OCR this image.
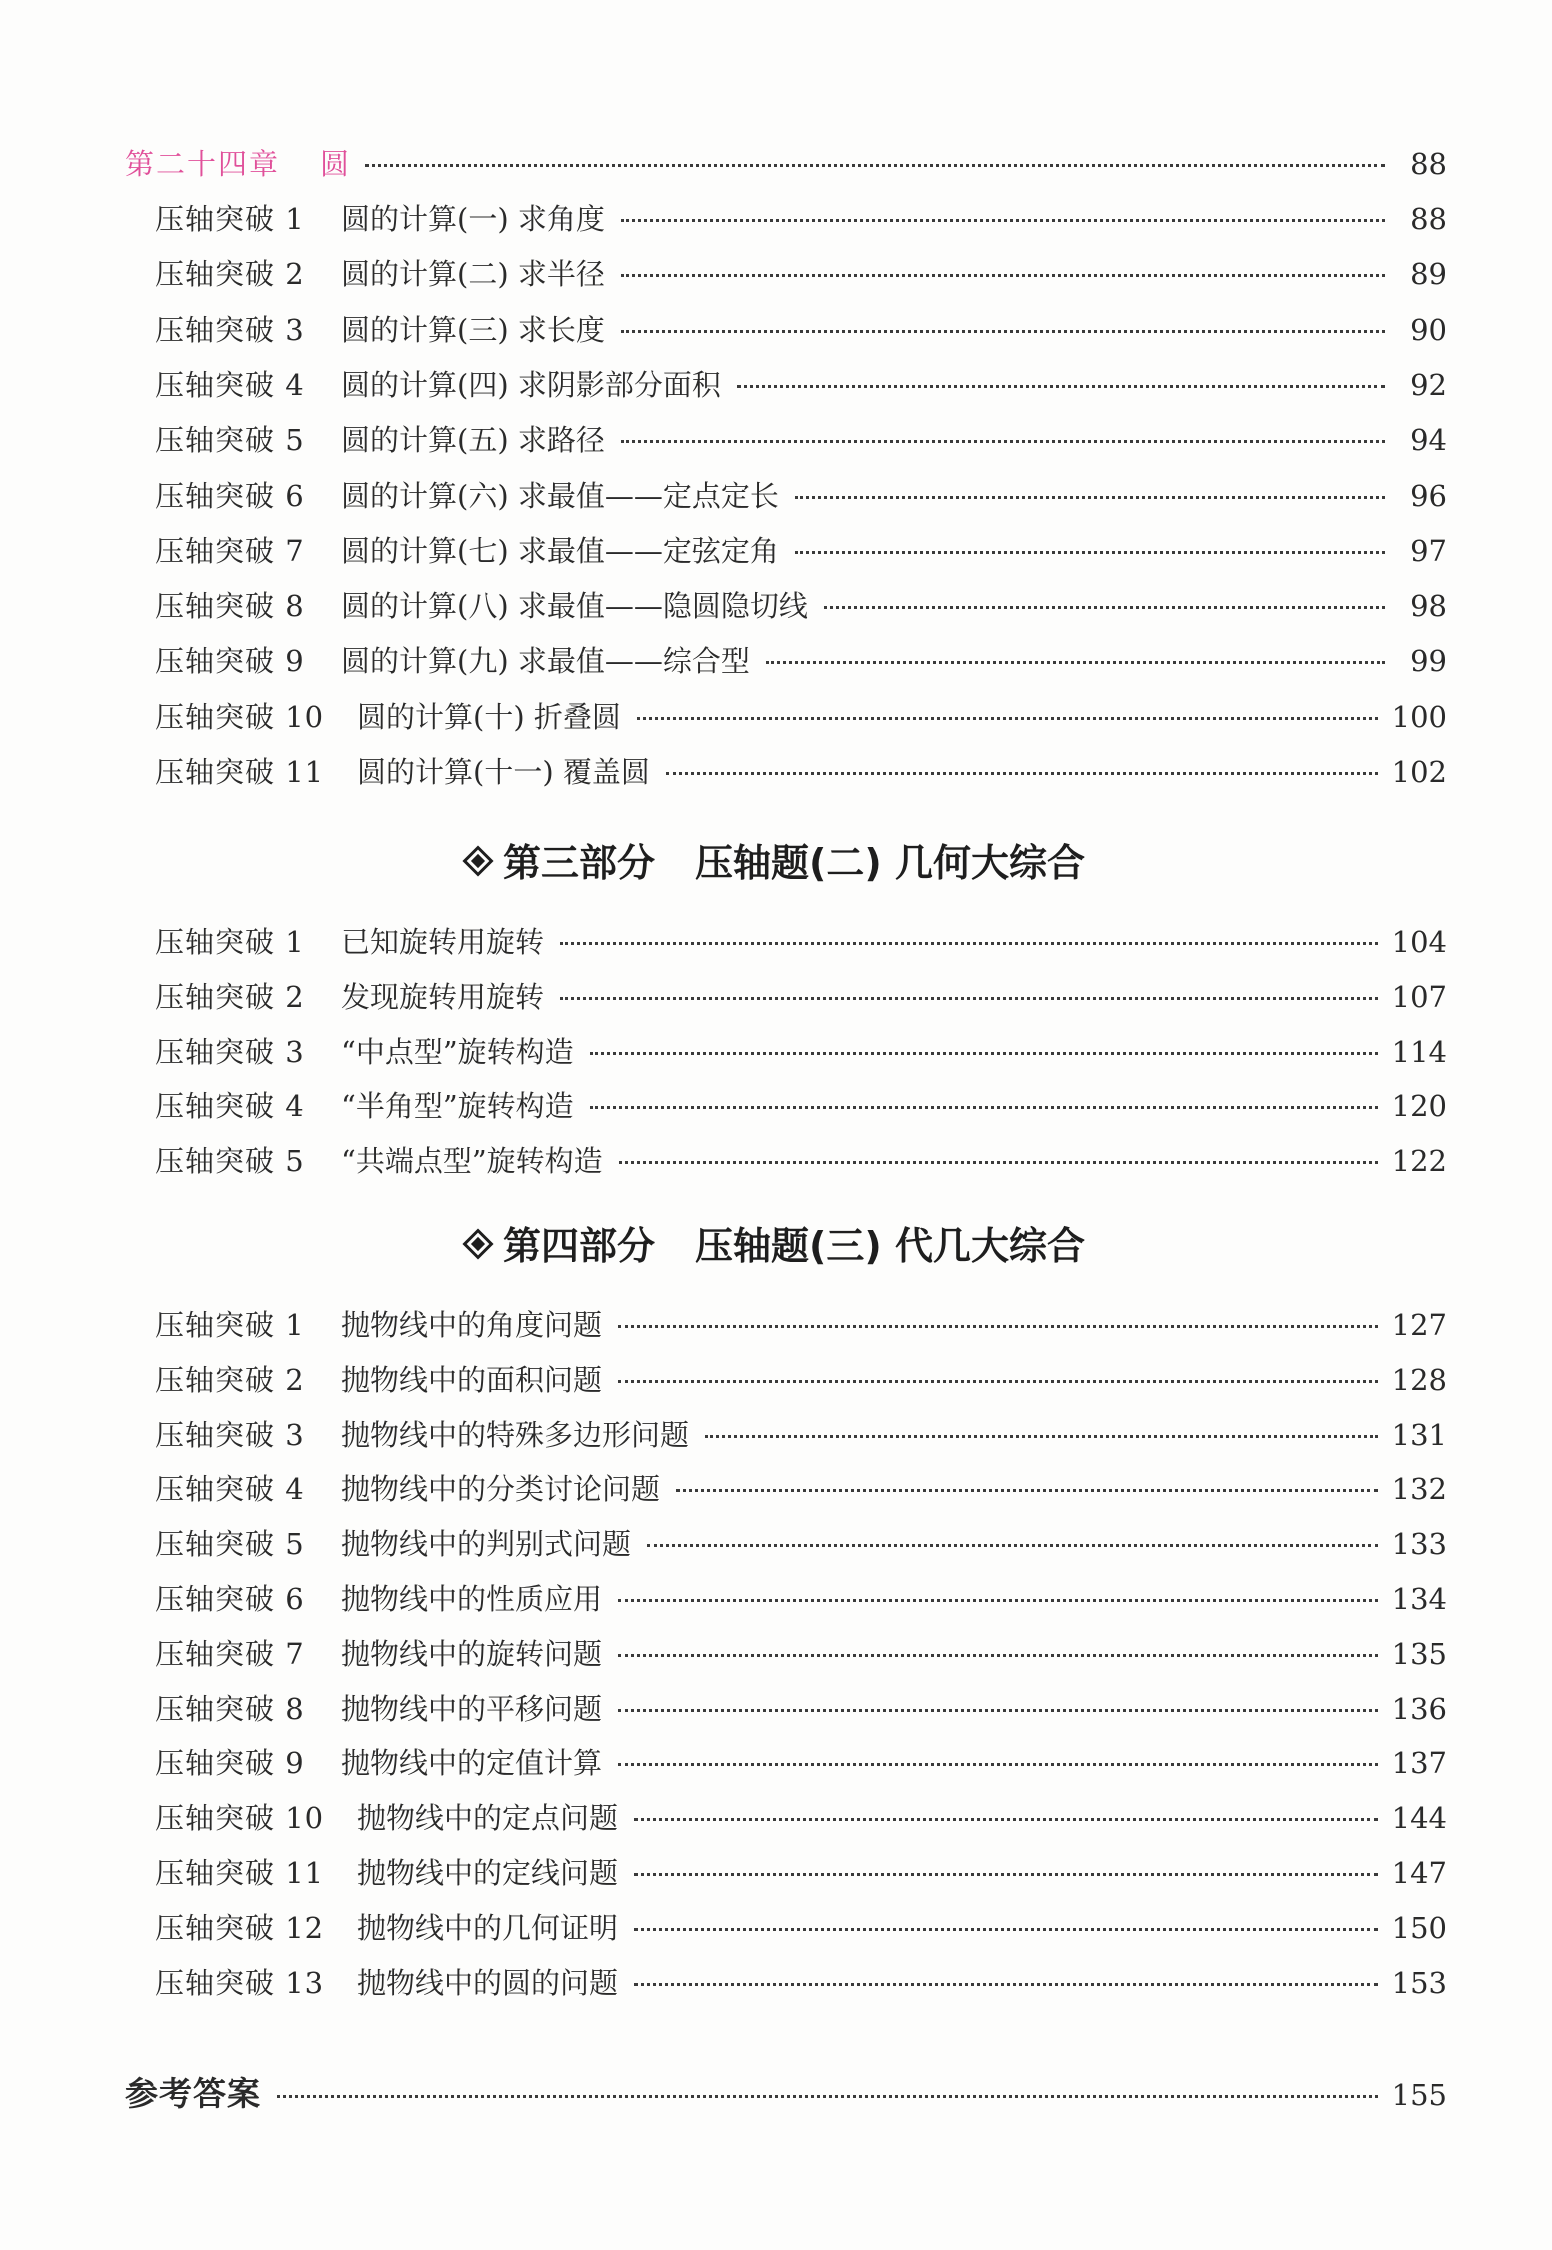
第二十四章 圆	88
压轴突破 1	圆的计算(一) 求角度	88
压轴突破 2	圆的计算(二) 求半径	89
压轴突破 3	圆的计算(三) 求长度	90
压轴突破 4	圆的计算(四) 求阴影部分面积	92
压轴突破 5	圆的计算(五) 求路径	94
压轴突破 6	圆的计算(六) 求最值——定点定长	96
压轴突破 7	圆的计算(七) 求最值——定弦定角	97
压轴突破 8	圆的计算(八) 求最值——隐圆隐切线	98
压轴突破 9	圆的计算(九) 求最值——综合型	99
压轴突破 10	圆的计算(十) 折叠圆	100
压轴突破 11	圆的计算(十一) 覆盖圆	102
第三部分 压轴题(二) 几何大综合
压轴突破 1	已知旋转用旋转	104
压轴突破 2	发现旋转用旋转	107
压轴突破 3	“中点型”旋转构造	114
压轴突破 4	“半角型”旋转构造	120
压轴突破 5	“共端点型”旋转构造	122
第四部分 压轴题(三) 代几大综合
压轴突破 1	抛物线中的角度问题	127
压轴突破 2	抛物线中的面积问题	128
压轴突破 3	抛物线中的特殊多边形问题	131
压轴突破 4	抛物线中的分类讨论问题	132
压轴突破 5	抛物线中的判别式问题	133
压轴突破 6	抛物线中的性质应用	134
压轴突破 7	抛物线中的旋转问题	135
压轴突破 8	抛物线中的平移问题	136
压轴突破 9	抛物线中的定值计算	137
压轴突破 10	抛物线中的定点问题	144
压轴突破 11	抛物线中的定线问题	147
压轴突破 12	抛物线中的几何证明	150
压轴突破 13	抛物线中的圆的问题	153
参考答案	155
